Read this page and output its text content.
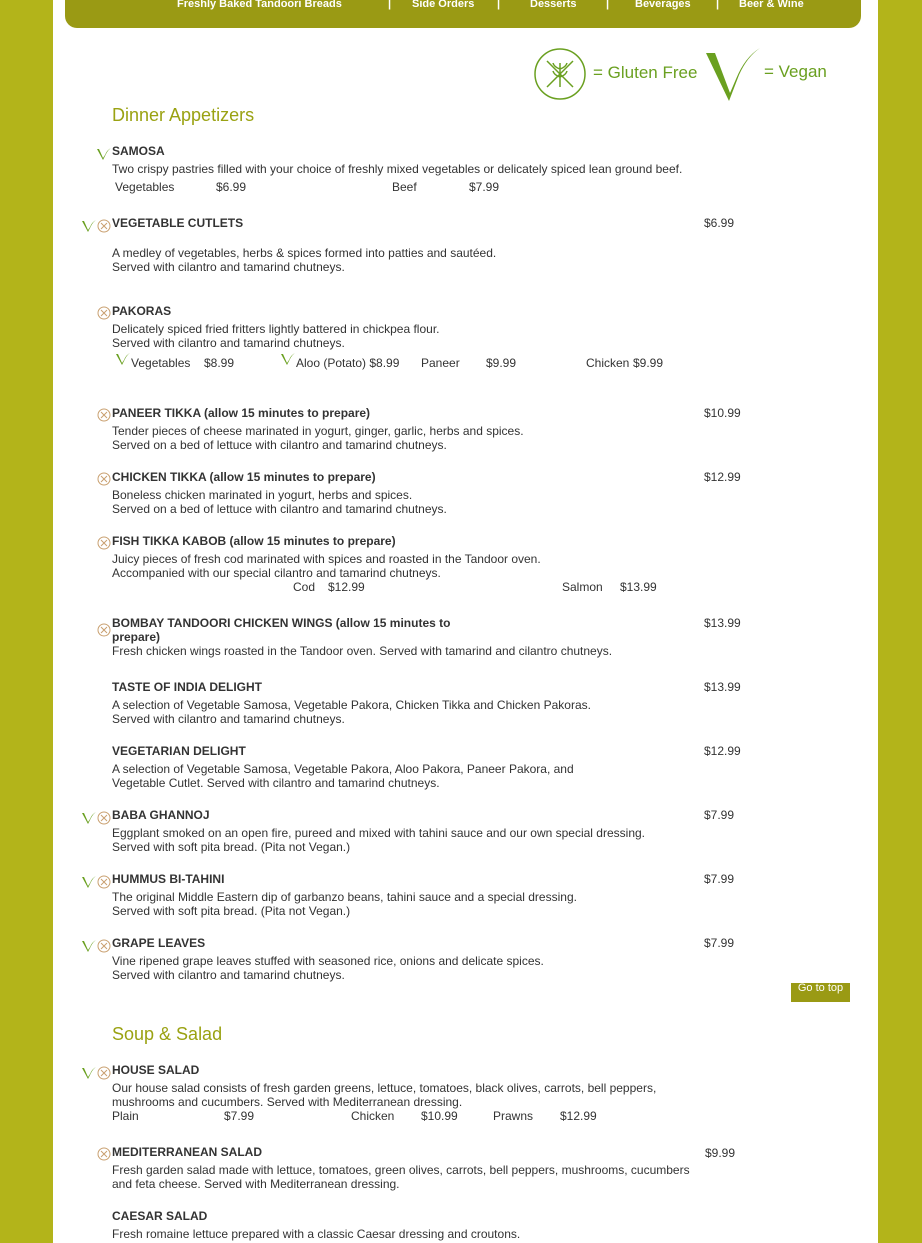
Freshly Baked Tandoori Breads	| Side Orders |	Desserts	| Beverages | Beer & Wine
= Gluten Free	= Vegan
Dinner Appetizers
SAMOSA
Two crispy pastries filled with your choice of freshly mixed vegetables or delicately spiced lean ground beef.
Vegetables	$6.99	Beef	$7.99
VEGETABLE CUTLETS	$6.99
A medley of vegetables, herbs & spices formed into patties and sautéed.
Served with cilantro and tamarind chutneys.
PAKORAS
Delicately spiced fried fritters lightly battered in chickpea flour.
Served with cilantro and tamarind chutneys.
Vegetables $8.99	Aloo (Potato) $8.99 Paneer $9.99	Chicken $9.99
PANEER TIKKA (allow 15 minutes to prepare)	$10.99
Tender pieces of cheese marinated in yogurt, ginger, garlic, herbs and spices.
Served on a bed of lettuce with cilantro and tamarind chutneys.
CHICKEN TIKKA (allow 15 minutes to prepare)	$12.99
Boneless chicken marinated in yogurt, herbs and spices.
Served on a bed of lettuce with cilantro and tamarind chutneys.
FISH TIKKA KABOB (allow 15 minutes to prepare)
Juicy pieces of fresh cod marinated with spices and roasted in the Tandoor oven.
Accompanied with our special cilantro and tamarind chutneys.
Cod $12.99	Salmon $13.99
BOMBAY TANDOORI CHICKEN WINGS (allow 15 minutes to
prepare)
$13.99
Fresh chicken wings roasted in the Tandoor oven. Served with tamarind and cilantro chutneys.
TASTE OF INDIA DELIGHT	$13.99
A selection of Vegetable Samosa, Vegetable Pakora, Chicken Tikka and Chicken Pakoras.
Served with cilantro and tamarind chutneys.
VEGETARIAN DELIGHT	$12.99
A selection of Vegetable Samosa, Vegetable Pakora, Aloo Pakora, Paneer Pakora, and
Vegetable Cutlet. Served with cilantro and tamarind chutneys.
BABA GHANNOJ	$7.99
Eggplant smoked on an open fire, pureed and mixed with tahini sauce and our own special dressing.
Served with soft pita bread. (Pita not Vegan.)
HUMMUS BI-TAHINI	$7.99
The original Middle Eastern dip of garbanzo beans, tahini sauce and a special dressing.
Served with soft pita bread. (Pita not Vegan.)
GRAPE LEAVES	$7.99
Vine ripened grape leaves stuffed with seasoned rice, onions and delicate spices.
Served with cilantro and tamarind chutneys.
Go to top
Soup & Salad
HOUSE SALAD
Our house salad consists of fresh garden greens, lettuce, tomatoes, black olives, carrots, bell peppers,
mushrooms and cucumbers. Served with Mediterranean dressing.
Plain	$7.99	Chicken $10.99	Prawns $12.99
MEDITERRANEAN SALAD	$9.99
Fresh garden salad made with lettuce, tomatoes, green olives, carrots, bell peppers, mushrooms, cucumbers
and feta cheese. Served with Mediterranean dressing.
CAESAR SALAD
Fresh romaine lettuce prepared with a classic Caesar dressing and croutons.
